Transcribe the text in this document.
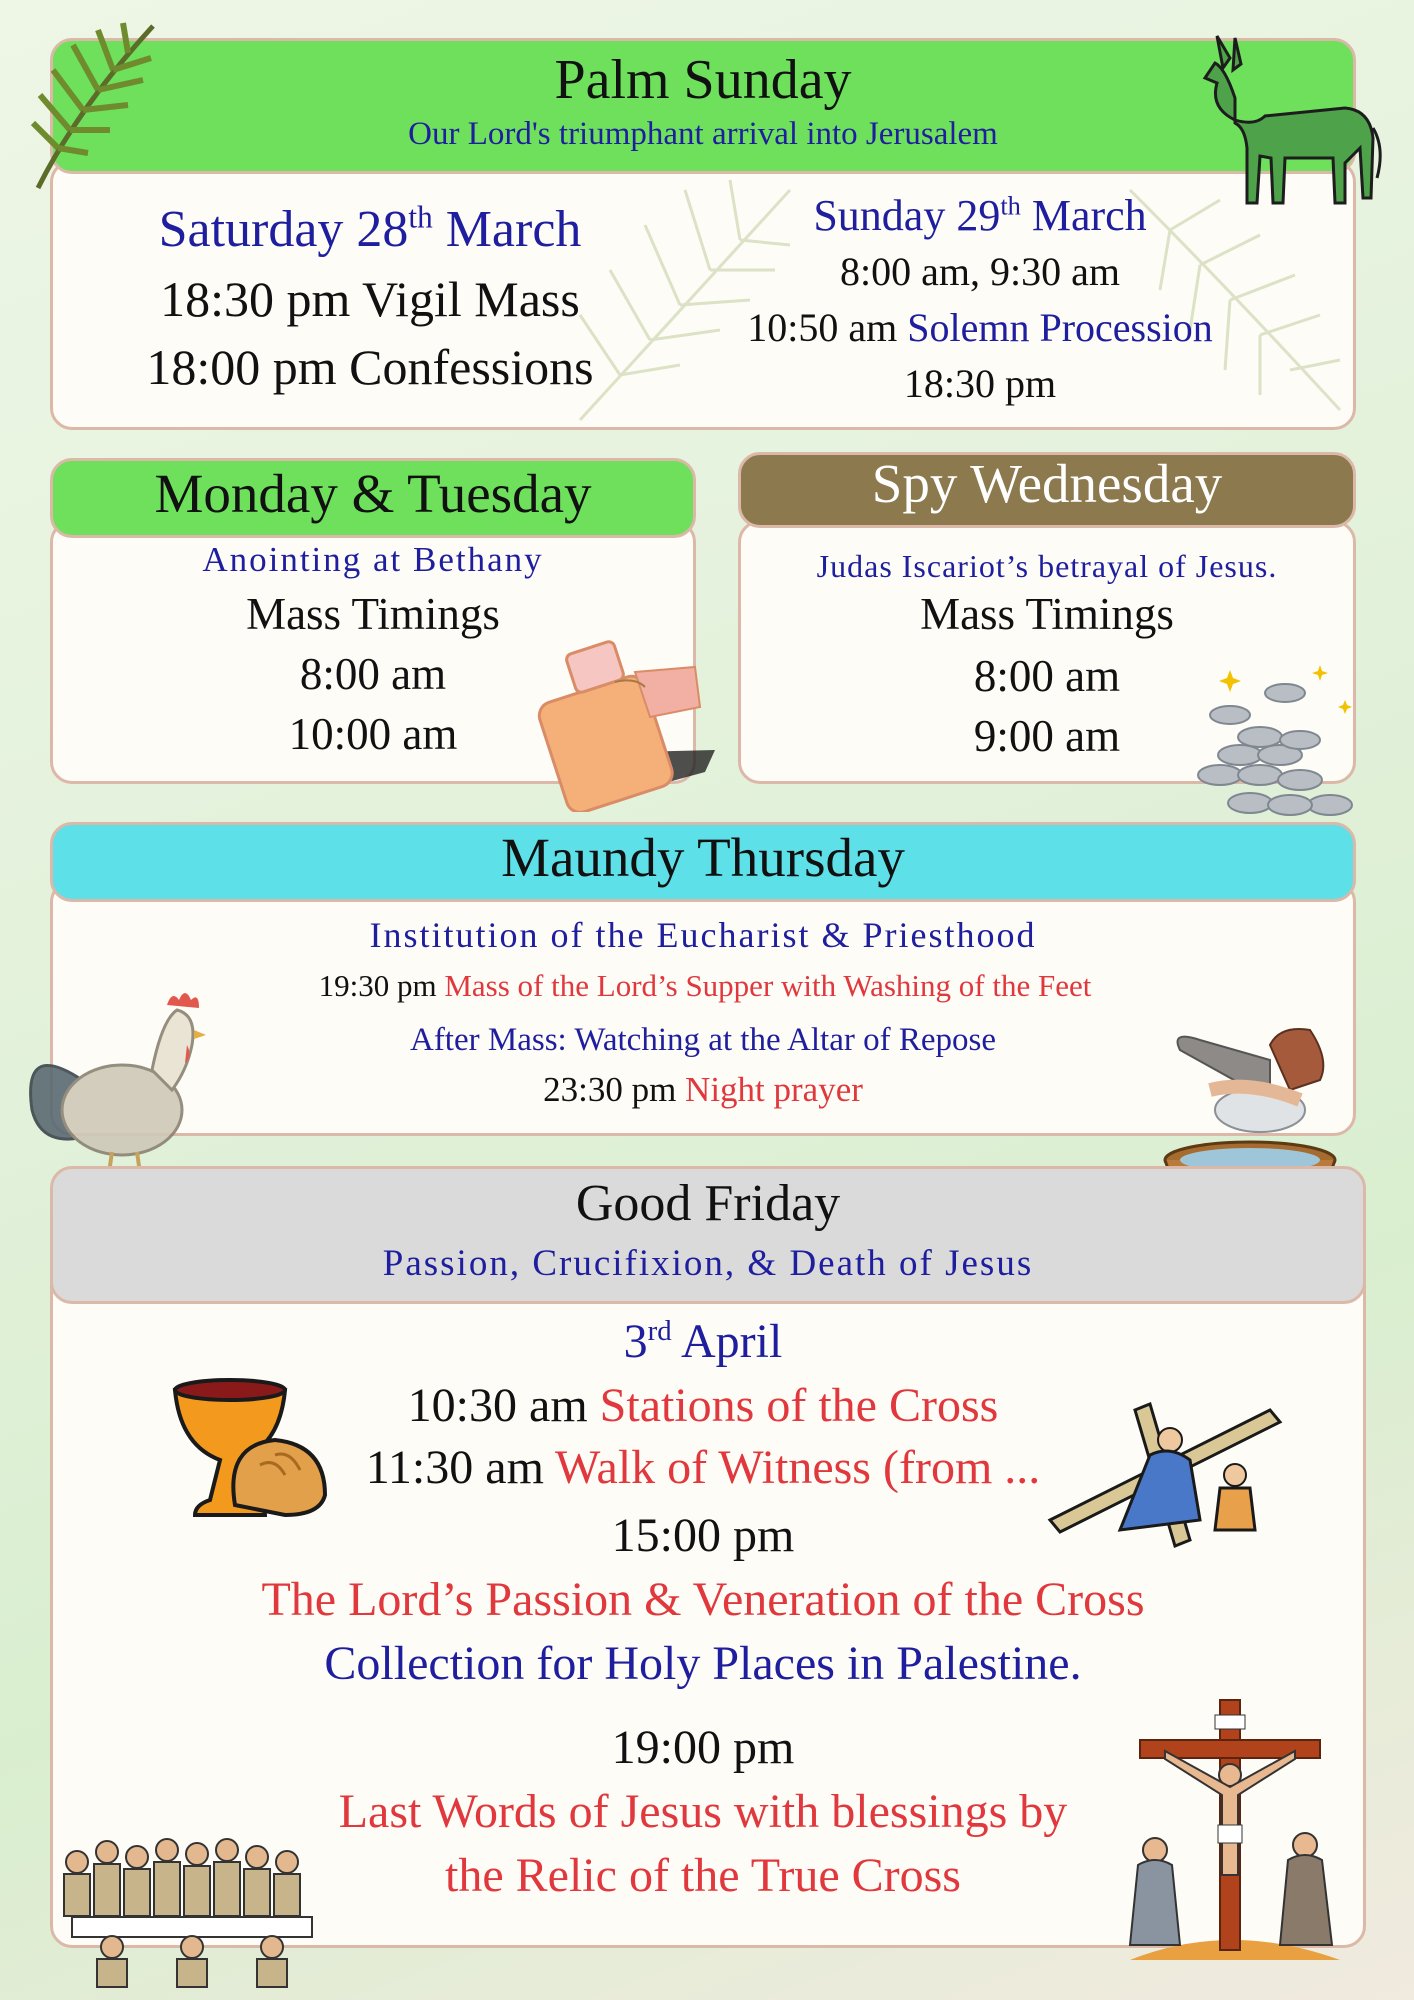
Palm Sunday
Our Lord's triumphant arrival into Jerusalem
Saturday 28th March
18:30 pm Vigil Mass
18:00 pm Confessions
Sunday 29th March
8:00 am, 9:30 am
10:50 am Solemn Procession
18:30 pm
Monday & Tuesday
Anointing at Bethany
Mass Timings
8:00 am
10:00 am
Spy Wednesday
Judas Iscariot’s betrayal of Jesus.
Mass Timings
8:00 am
9:00 am
Maundy Thursday
Institution of the Eucharist & Priesthood
19:30 pm Mass of the Lord’s Supper with Washing of the Feet
After Mass: Watching at the Altar of Repose
23:30 pm Night prayer
Good Friday
Passion, Crucifixion, & Death of Jesus
3rd April
10:30 am Stations of the Cross
11:30 am Walk of Witness (from ...
15:00 pm
The Lord’s Passion & Veneration of the Cross
Collection for Holy Places in Palestine.
19:00 pm
Last Words of Jesus with blessings by
the Relic of the True Cross
